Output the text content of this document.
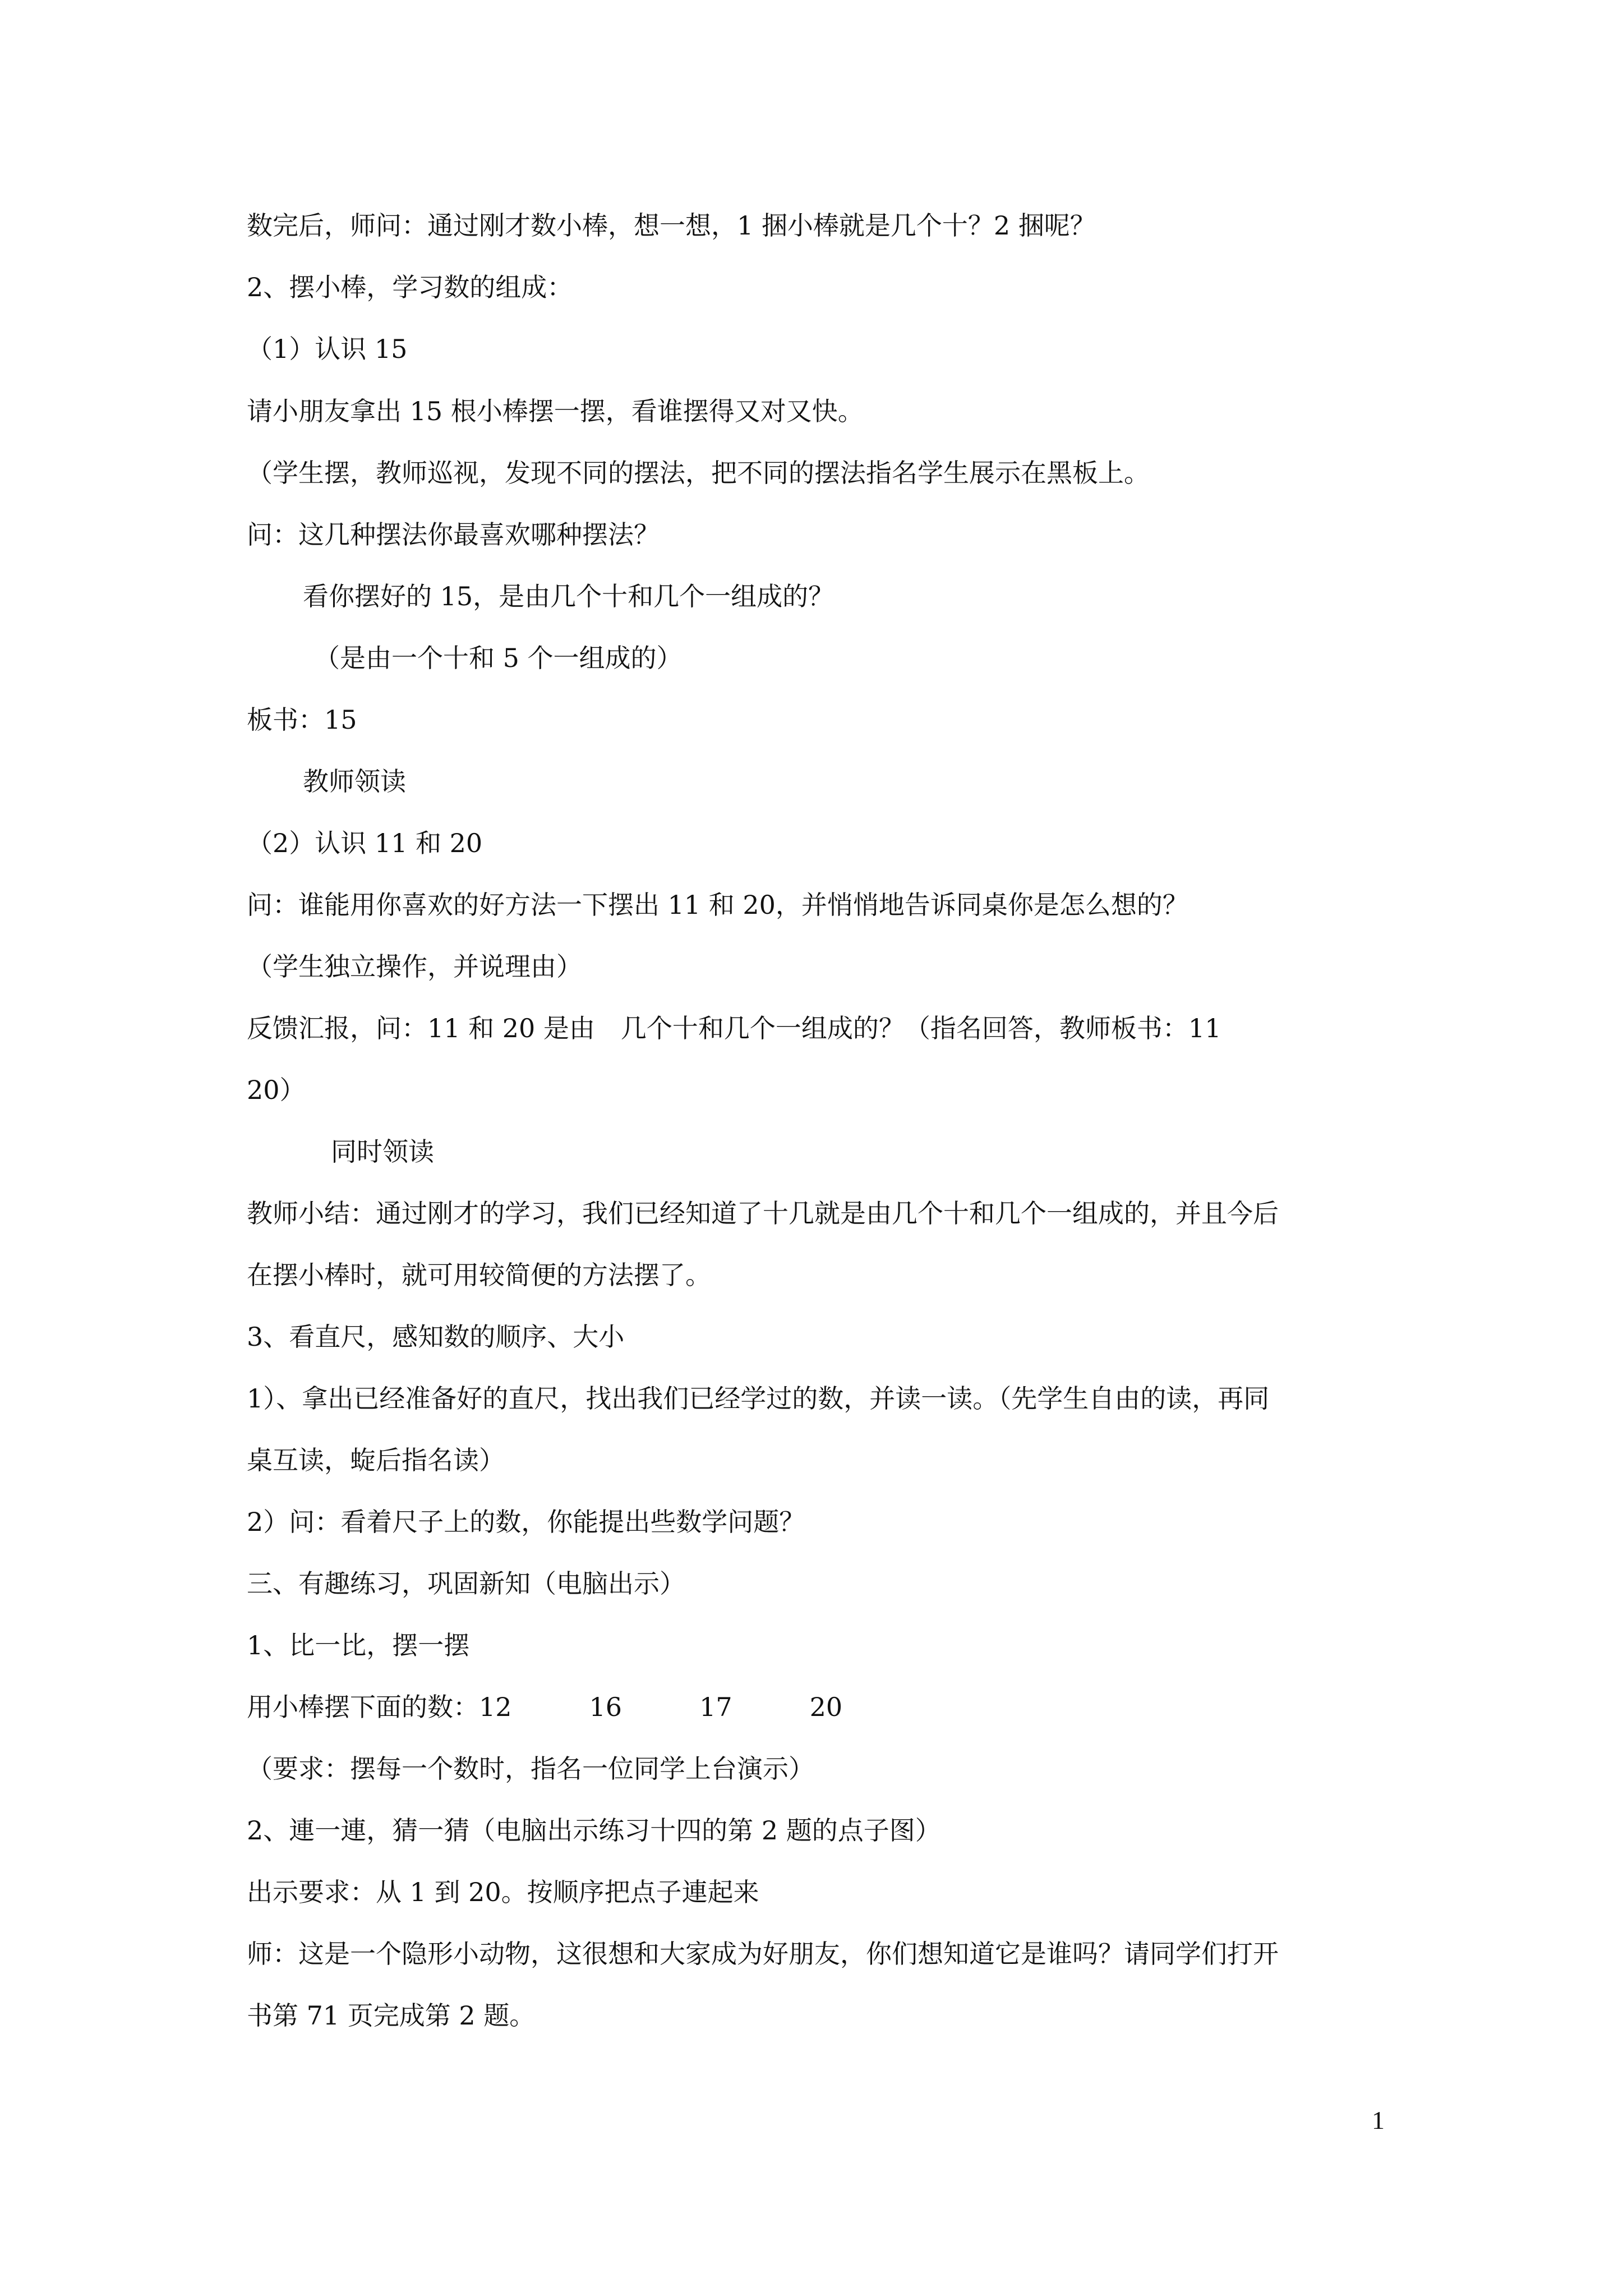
数完后，师问：通过刚才数小棒，想一想，1 捆小棒就是几个十？2 捆呢？
2、摆小棒，学习数的组成：
（1）认识 15
请小朋友拿出 15 根小棒摆一摆，看谁摆得又对又快。
（学生摆，教师巡视，发现不同的摆法，把不同的摆法指名学生展示在黑板上。
问：这几种摆法你最喜欢哪种摆法？
看你摆好的 15，是由几个十和几个一组成的？
（是由一个十和 5 个一组成的）
板书：15
教师领读
（2）认识 11 和 20
问：谁能用你喜欢的好方法一下摆出 11 和 20，并悄悄地告诉同桌你是怎么想的？
（学生独立操作，并说理由）
反馈汇报，问：11 和 20 是由　几个十和几个一组成的？（指名回答，教师板书：11
20）
同时领读
教师小结：通过刚才的学习，我们已经知道了十几就是由几个十和几个一组成的，并且今后
在摆小棒时，就可用较简便的方法摆了。
3、看直尺，感知数的顺序、大小
1）、拿出已经准备好的直尺，找出我们已经学过的数，并读一读。（先学生自由的读，再同
桌互读，蜁后指名读）
2）问：看着尺子上的数，你能提出些数学问题？
三、有趣练习，巩固新知（电脑出示）
1、比一比，摆一摆
用小棒摆下面的数：12　　　16　　　17　　　20
（要求：摆每一个数时，指名一位同学上台演示）
2、連一連，猜一猜（电脑出示练习十四的第 2 题的点子图）
出示要求：从 1 到 20。按顺序把点子連起来
师：这是一个隐形小动物，这很想和大家成为好朋友，你们想知道它是谁吗？请同学们打开
书第 71 页完成第 2 题。
1
